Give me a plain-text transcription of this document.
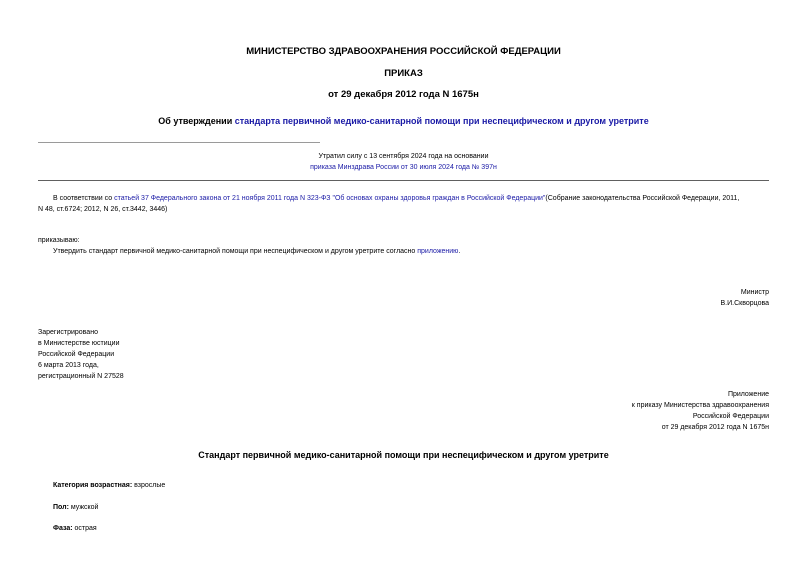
МИНИСТЕРСТВО ЗДРАВООХРАНЕНИЯ РОССИЙСКОЙ ФЕДЕРАЦИИ
ПРИКАЗ
от 29 декабря 2012 года N 1675н
Об утверждении стандарта первичной медико-санитарной помощи при неспецифическом и другом уретрите
Утратил силу с 13 сентября 2024 года на основании
приказа Минздрава России от 30 июля 2024 года № 397н
В соответствии со статьей 37 Федерального закона от 21 ноября 2011 года N 323-ФЗ "Об основах охраны здоровья граждан в Российской Федерации"(Собрание законодательства Российской Федерации, 2011,
N 48, ст.6724; 2012, N 26, ст.3442, 3446)
приказываю:
Утвердить стандарт первичной медико-санитарной помощи при неспецифическом и другом уретрите согласно приложению.
Министр
В.И.Скворцова
Зарегистрировано
в Министерстве юстиции
Российской Федерации
6 марта 2013 года,
регистрационный N 27528
Приложение
к приказу Министерства здравоохранения
Российской Федерации
от 29 декабря 2012 года N 1675н
Стандарт первичной медико-санитарной помощи при неспецифическом и другом уретрите
Категория возрастная: взрослые
Пол: мужской
Фаза: острая
